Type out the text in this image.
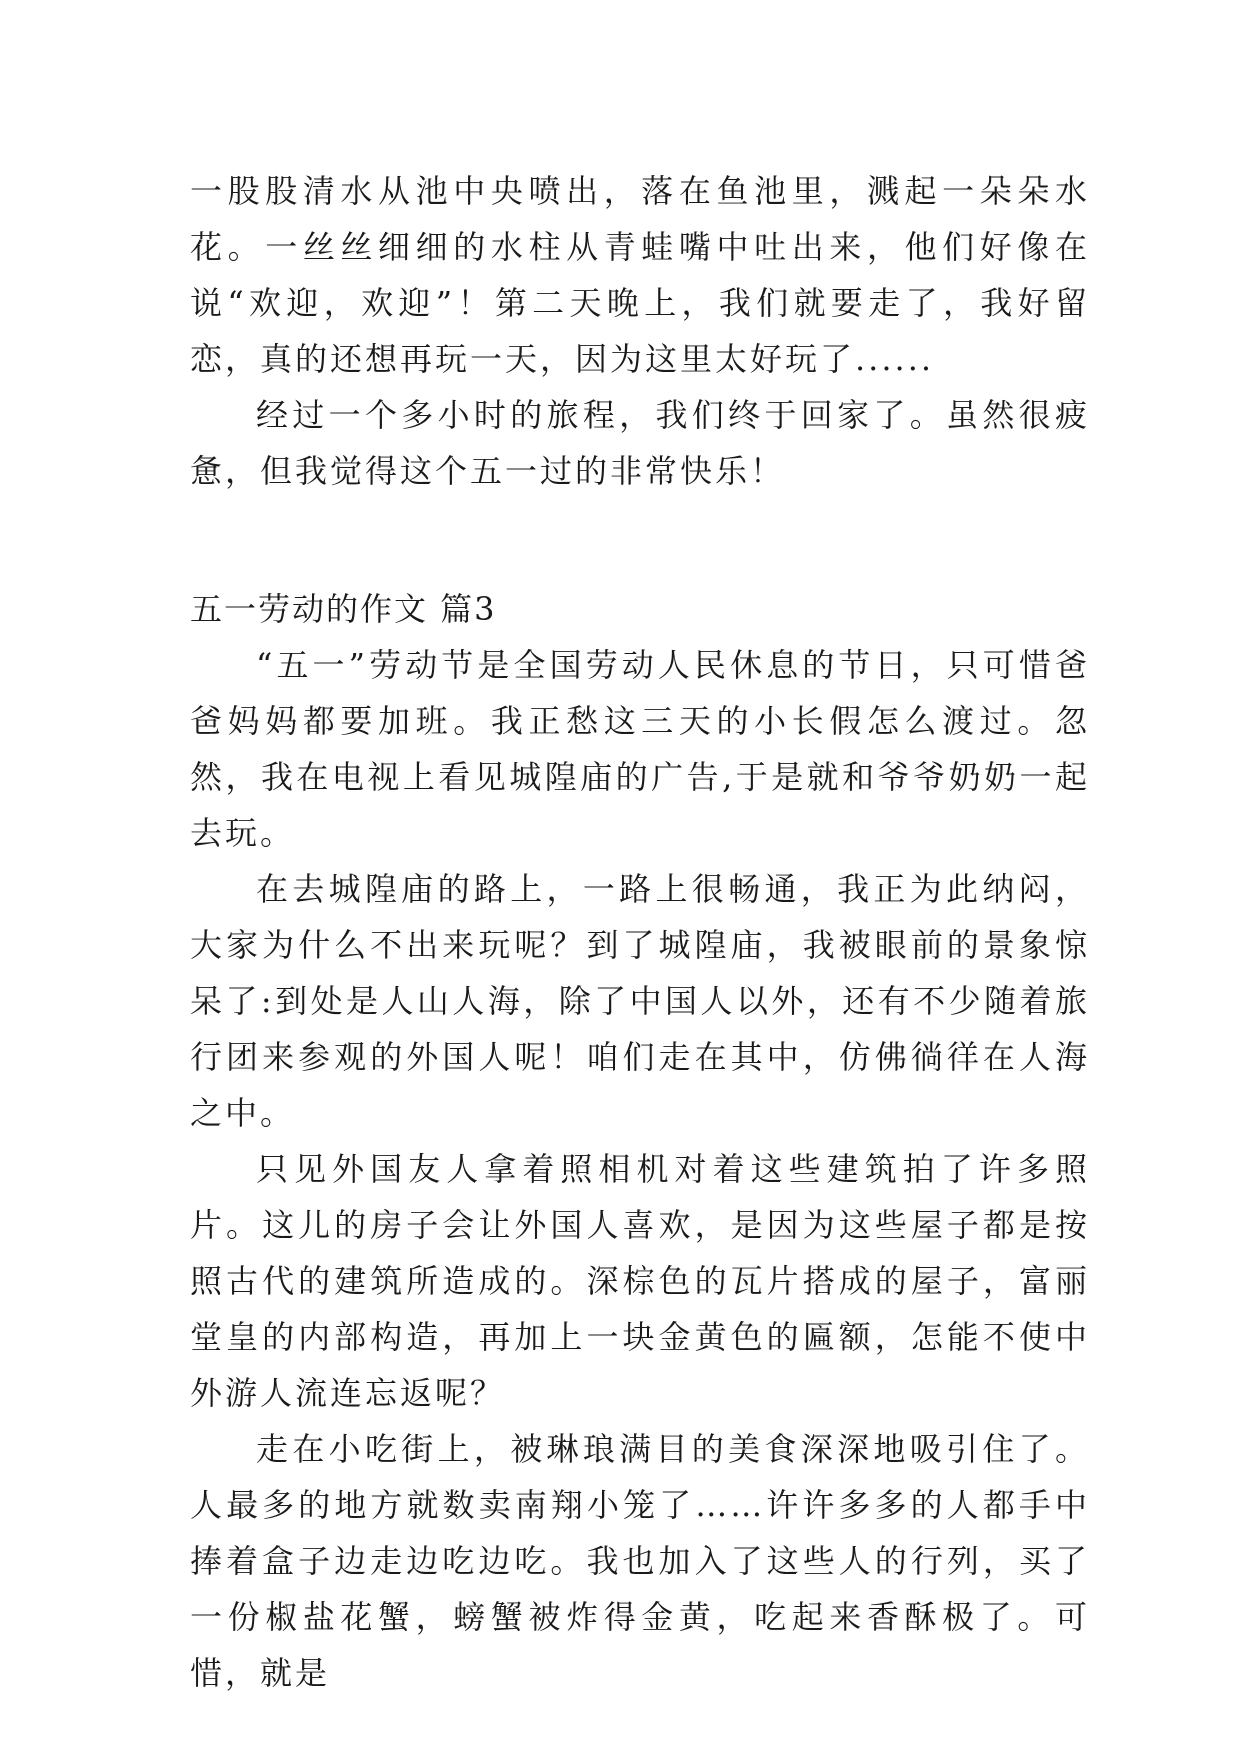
一股股清水从池中央喷出，落在鱼池里，溅起一朵朵水花。一丝丝细细的水柱从青蛙嘴中吐出来，他们好像在说“欢迎，欢迎”！第二天晚上，我们就要走了，我好留恋，真的还想再玩一天，因为这里太好玩了......

经过一个多小时的旅程，我们终于回家了。虽然很疲惫，但我觉得这个五一过的非常快乐！

五一劳动的作文 篇3

“五一”劳动节是全国劳动人民休息的节日，只可惜爸爸妈妈都要加班。我正愁这三天的小长假怎么渡过。忽然，我在电视上看见城隍庙的广告,于是就和爷爷奶奶一起去玩。

在去城隍庙的路上，一路上很畅通，我正为此纳闷，大家为什么不出来玩呢？到了城隍庙，我被眼前的景象惊呆了:到处是人山人海，除了中国人以外，还有不少随着旅行团来参观的外国人呢！咱们走在其中，仿佛徜徉在人海之中。

只见外国友人拿着照相机对着这些建筑拍了许多照片。这儿的房子会让外国人喜欢，是因为这些屋子都是按照古代的建筑所造成的。深棕色的瓦片搭成的屋子，富丽堂皇的内部构造，再加上一块金黄色的匾额，怎能不使中外游人流连忘返呢？

走在小吃街上，被琳琅满目的美食深深地吸引住了。人最多的地方就数卖南翔小笼了……许许多多的人都手中捧着盒子边走边吃边吃。我也加入了这些人的行列，买了一份椒盐花蟹，螃蟹被炸得金黄，吃起来香酥极了。可惜，就是
